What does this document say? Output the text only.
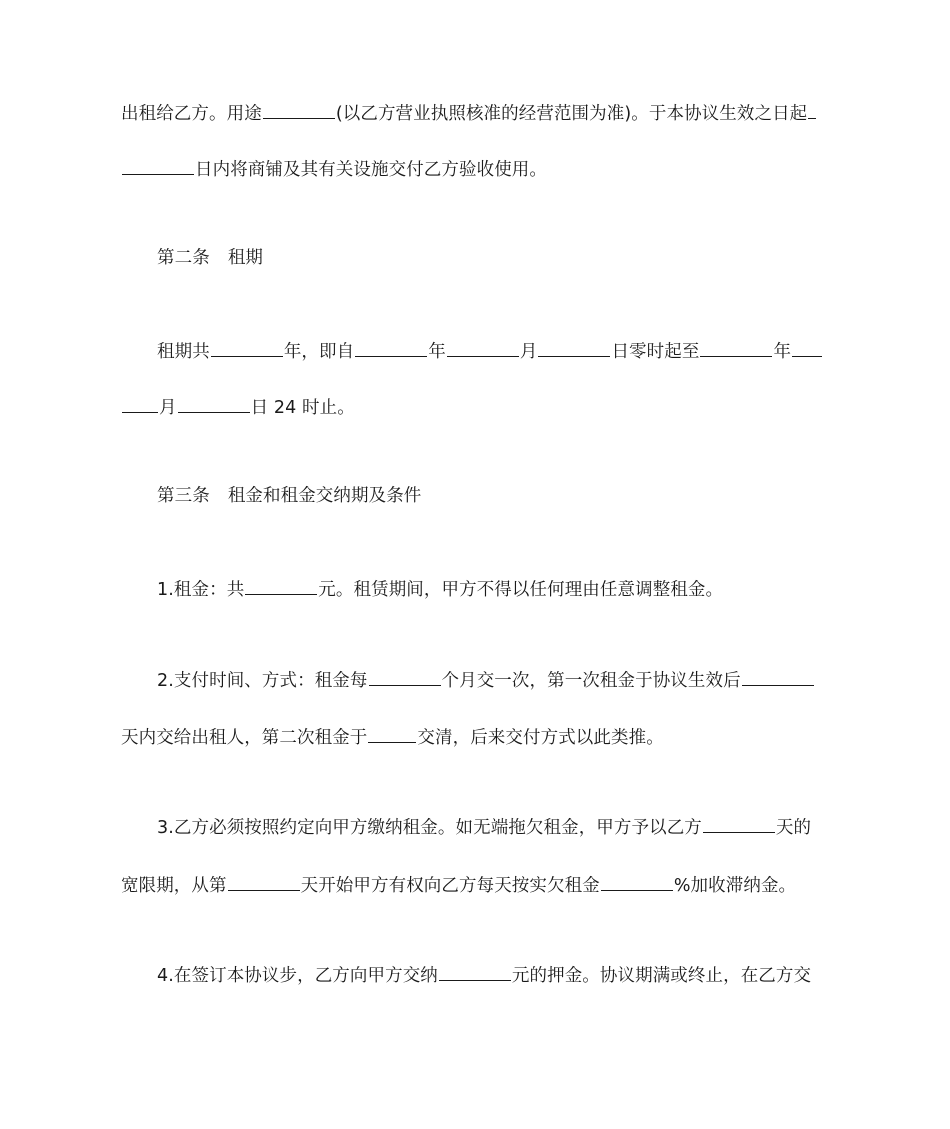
出租给乙方。用途	(以乙方营业执照核准的经营范围为准)。于本协议生效之日起
日内将商铺及其有关设施交付乙方验收使用。
第二条 租期
租期共	年，即自	年	月	日零时起至	年
月	日 24 时止。
第三条 租金和租金交纳期及条件
1.租金：共	元。租赁期间，甲方不得以任何理由任意调整租金。
2.支付时间、方式：租金每	个月交一次，第一次租金于协议生效后
天内交给出租人，第二次租金于	交清，后来交付方式以此类推。
3.乙方必须按照约定向甲方缴纳租金。如无端拖欠租金，甲方予以乙方	天的
宽限期，从第	天开始甲方有权向乙方每天按实欠租金	%加收滞纳金。
4.在签订本协议步，乙方向甲方交纳	元的押金。协议期满或终止，在乙方交
